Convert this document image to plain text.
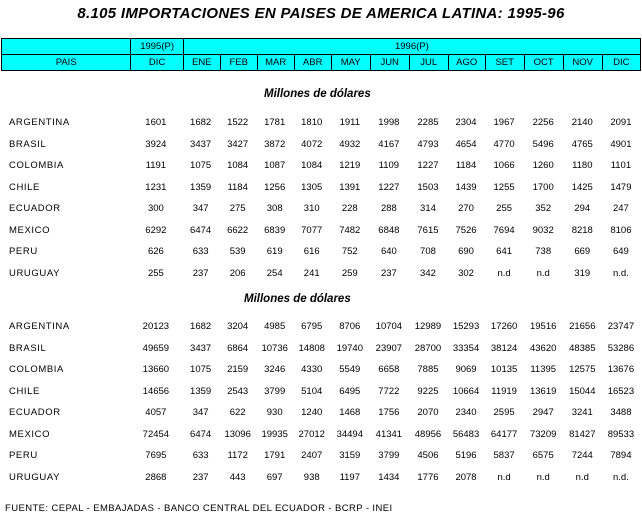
8.105 IMPORTACIONES EN PAISES DE AMERICA LATINA: 1995-96
	1995(P)	1996(P)											
PAIS	DIC	ENE	FEB	MAR	ABR	MAY	JUN	JUL	AGO	SET	OCT	NOV	DIC
Millones de dólares
ARGENTINA	1601	1682	1522	1781	1810	1911	1998	2285	2304	1967	2256	2140	2091
BRASIL	3924	3437	3427	3872	4072	4932	4167	4793	4654	4770	5496	4765	4901
COLOMBIA	1191	1075	1084	1087	1084	1219	1109	1227	1184	1066	1260	1180	1101
CHILE	1231	1359	1184	1256	1305	1391	1227	1503	1439	1255	1700	1425	1479
ECUADOR	300	347	275	308	310	228	288	314	270	255	352	294	247
MEXICO	6292	6474	6622	6839	7077	7482	6848	7615	7526	7694	9032	8218	8106
PERU	626	633	539	619	616	752	640	708	690	641	738	669	649
URUGUAY	255	237	206	254	241	259	237	342	302	n.d	n.d	319	n.d.
Millones de dólares
ARGENTINA	20123	1682	3204	4985	6795	8706	10704	12989	15293	17260	19516	21656	23747
BRASIL	49659	3437	6864	10736	14808	19740	23907	28700	33354	38124	43620	48385	53286
COLOMBIA	13660	1075	2159	3246	4330	5549	6658	7885	9069	10135	11395	12575	13676
CHILE	14656	1359	2543	3799	5104	6495	7722	9225	10664	11919	13619	15044	16523
ECUADOR	4057	347	622	930	1240	1468	1756	2070	2340	2595	2947	3241	3488
MEXICO	72454	6474	13096	19935	27012	34494	41341	48956	56483	64177	73209	81427	89533
PERU	7695	633	1172	1791	2407	3159	3799	4506	5196	5837	6575	7244	7894
URUGUAY	2868	237	443	697	938	1197	1434	1776	2078	n.d	n.d	n.d	n.d.
FUENTE: CEPAL - EMBAJADAS - BANCO CENTRAL DEL ECUADOR - BCRP - INEI
